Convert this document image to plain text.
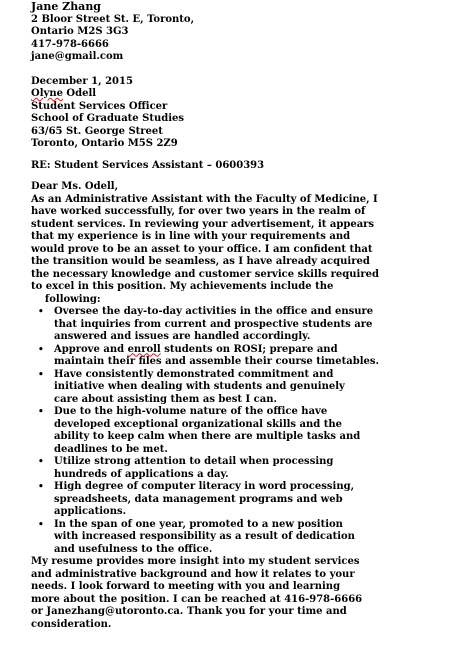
Jane Zhang
2 Bloor Street St. E, Toronto,
Ontario M2S 3G3
417-978-6666
jane@gmail.com
December 1, 2015
Olyne Odell
Student Services Officer
School of Graduate Studies
63/65 St. George Street
Toronto, Ontario M5S 2Z9
RE: Student Services Assistant – 0600393
Dear Ms. Odell,
As an Administrative Assistant with the Faculty of Medicine, I
have worked successfully, for over two years in the realm of
student services. In reviewing your advertisement, it appears
that my experience is in line with your requirements and
would prove to be an asset to your office. I am confident that
the transition would be seamless, as I have already acquired
the necessary knowledge and customer service skills required
to excel in this position. My achievements include the
following:
• Oversee the day-to-day activities in the office and ensure
that inquiries from current and prospective students are
answered and issues are handled accordingly.
• Approve and enroll students on ROSI; prepare and
maintain their files and assemble their course timetables.
• Have consistently demonstrated commitment and
initiative when dealing with students and genuinely
care about assisting them as best I can.
• Due to the high-volume nature of the office have
developed exceptional organizational skills and the
ability to keep calm when there are multiple tasks and
deadlines to be met.
• Utilize strong attention to detail when processing
hundreds of applications a day.
• High degree of computer literacy in word processing,
spreadsheets, data management programs and web
applications.
• In the span of one year, promoted to a new position
with increased responsibility as a result of dedication
and usefulness to the office.
My resume provides more insight into my student services
and administrative background and how it relates to your
needs. I look forward to meeting with you and learning
more about the position. I can be reached at 416-978-6666
or Janezhang@utoronto.ca. Thank you for your time and
consideration.
